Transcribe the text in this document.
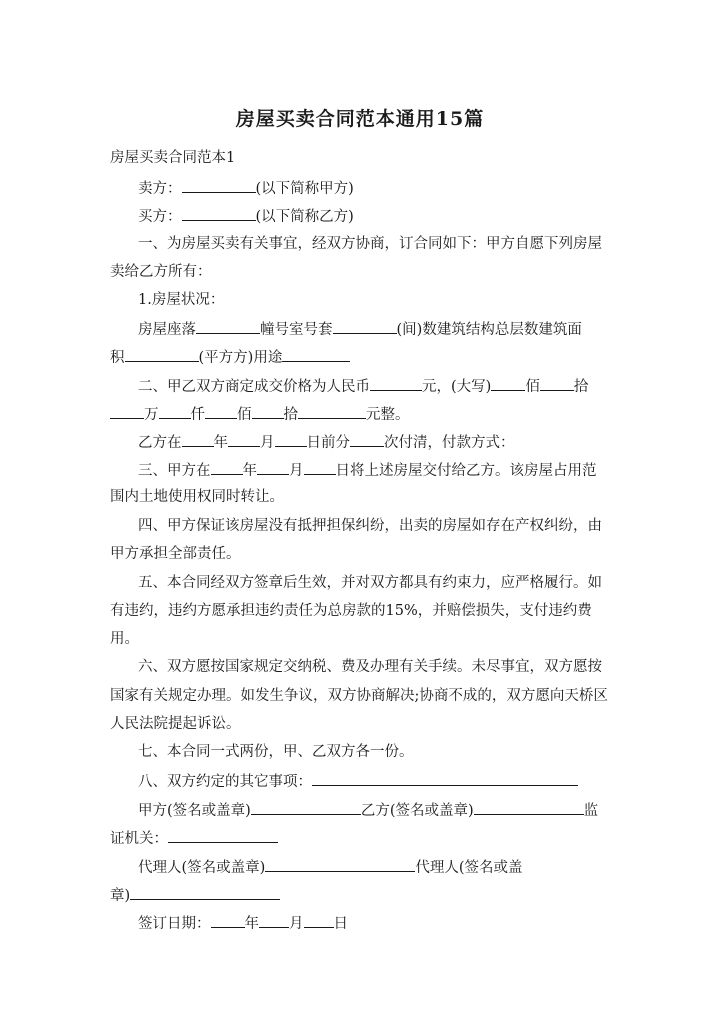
房屋买卖合同范本通用15篇
房屋买卖合同范本1
卖方：	(以下简称甲方)
买方：	(以下简称乙方)
一、为房屋买卖有关事宜，经双方协商，订合同如下：甲方自愿下列房屋
卖给乙方所有：
1.房屋状况：
房屋座落	幢号室号套	(间)数建筑结构总层数建筑面
积	(平方方)用途
二、甲乙双方商定成交价格为人民币	元，(大写) 佰 拾
万 仟 佰 拾	元整。
乙方在 年 月 日前分 次付清，付款方式：
三、甲方在 年 月 日将上述房屋交付给乙方。该房屋占用范
围内土地使用权同时转让。
四、甲方保证该房屋没有抵押担保纠纷，出卖的房屋如存在产权纠纷，由
甲方承担全部责任。
五、本合同经双方签章后生效，并对双方都具有约束力，应严格履行。如
有违约，违约方愿承担违约责任为总房款的15%，并赔偿损失，支付违约费
用。
六、双方愿按国家规定交纳税、费及办理有关手续。未尽事宜，双方愿按
国家有关规定办理。如发生争议，双方协商解决;协商不成的，双方愿向天桥区
人民法院提起诉讼。
七、本合同一式两份，甲、乙双方各一份。
八、双方约定的其它事项：
甲方(签名或盖章)	乙方(签名或盖章)	监
证机关：
代理人(签名或盖章)	代理人(签名或盖
章)
签订日期： 年 月 日
